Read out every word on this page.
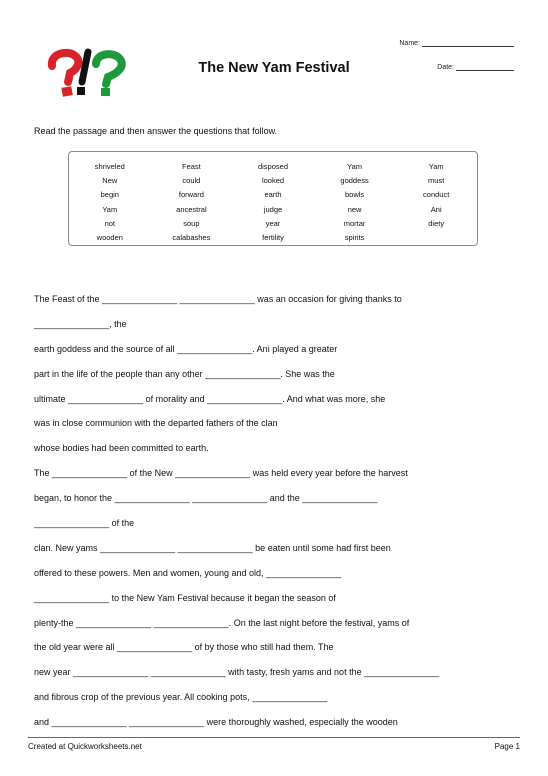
The New Yam Festival
Name:
Date:
Read the passage and then answer the questions that follow.
shriveled	Feast	disposed	Yam	Yam
New	could	looked	goddess	must
begin	forward	earth	bowls	conduct
Yam	ancestral	judge	new	Ani
not	soup	year	mortar	diety
wooden	calabashes	fertility	spirits
The Feast of the _______________ _______________ was an occasion for giving thanks to
_______________, the
earth goddess and the source of all _______________. Ani played a greater
part in the life of the people than any other _______________. She was the
ultimate _______________ of morality and _______________. And what was more, she
was in close communion with the departed fathers of the clan
whose bodies had been committed to earth.
The _______________ of the New _______________ was held every year before the harvest
began, to honor the _______________ _______________ and the _______________
_______________ of the
clan. New yams _______________ _______________ be eaten until some had first been
offered to these powers. Men and women, young and old, _______________
_______________ to the New Yam Festival because it began the season of
plenty-the _______________ _______________. On the last night before the festival, yams of
the old year were all _______________ of by those who still had them. The
new year _______________ _______________ with tasty, fresh yams and not the _______________
and fibrous crop of the previous year. All cooking pots, _______________
and _______________ _______________ were thoroughly washed, especially the wooden
Created at Quickworksheets.net	Page 1
